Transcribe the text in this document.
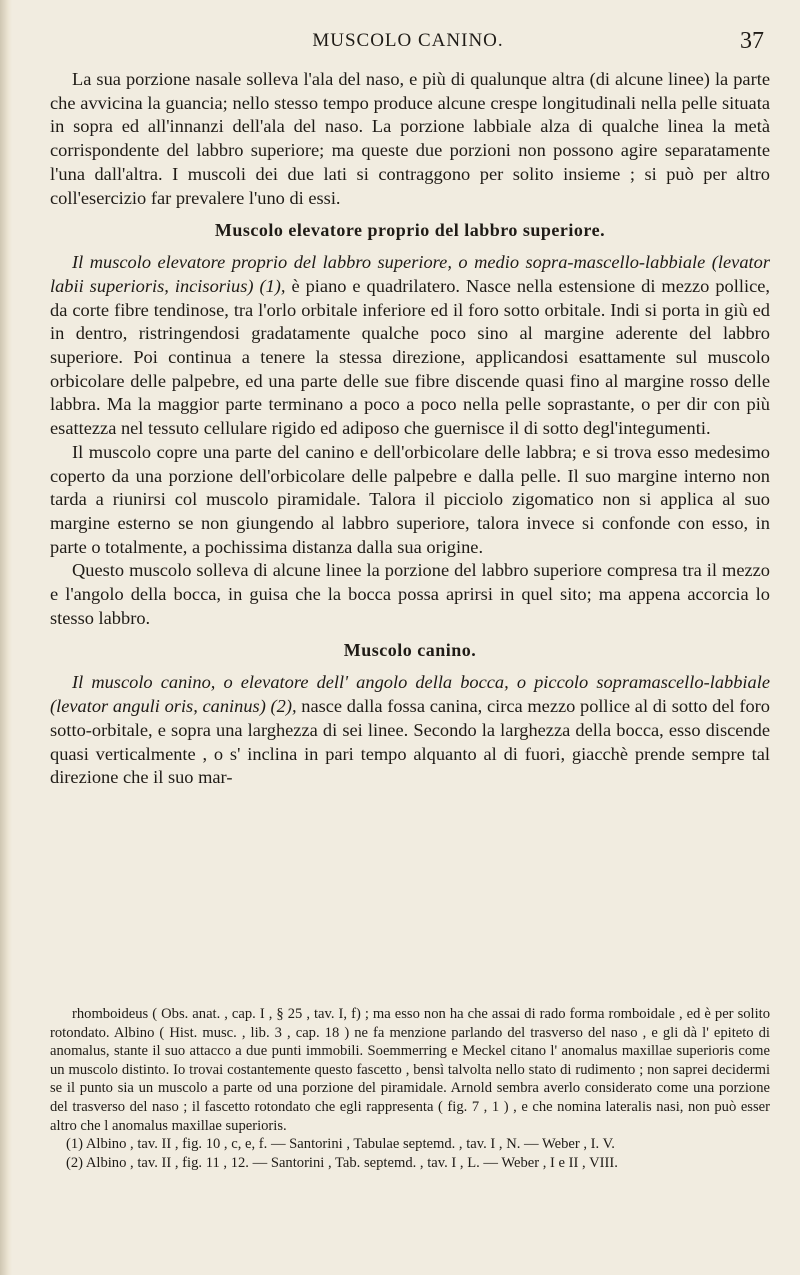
MUSCOLO CANINO.	37

La sua porzione nasale solleva l'ala del naso, e più di qualunque altra (di alcune linee) la parte che avvicina la guancia; nello stesso tempo produce alcune crespe longitudinali nella pelle situata in sopra ed all'innanzi dell'ala del naso. La porzione labbiale alza di qualche linea la metà corrispondente del labbro superiore; ma queste due porzioni non possono agire separatamente l'una dall'altra. I muscoli dei due lati si contraggono per solito insieme ; si può per altro coll'esercizio far prevalere l'uno di essi.

Muscolo elevatore proprio del labbro superiore.

Il muscolo elevatore proprio del labbro superiore, o medio sopra-mascello-labbiale (levator labii superioris, incisorius) (1), è piano e quadrilatero. Nasce nella estensione di mezzo pollice, da corte fibre tendinose, tra l'orlo orbitale inferiore ed il foro sotto orbitale. Indi si porta in giù ed in dentro, ristringendosi gradatamente qualche poco sino al margine aderente del labbro superiore. Poi continua a tenere la stessa direzione, applicandosi esattamente sul muscolo orbicolare delle palpebre, ed una parte delle sue fibre discende quasi fino al margine rosso delle labbra. Ma la maggior parte terminano a poco a poco nella pelle soprastante, o per dir con più esattezza nel tessuto cellulare rigido ed adiposo che guernisce il di sotto degl'integumenti.

Il muscolo copre una parte del canino e dell'orbicolare delle labbra; e si trova esso medesimo coperto da una porzione dell'orbicolare delle palpebre e dalla pelle. Il suo margine interno non tarda a riunirsi col muscolo piramidale. Talora il picciolo zigomatico non si applica al suo margine esterno se non giungendo al labbro superiore, talora invece si confonde con esso, in parte o totalmente, a pochissima distanza dalla sua origine.

Questo muscolo solleva di alcune linee la porzione del labbro superiore compresa tra il mezzo e l'angolo della bocca, in guisa che la bocca possa aprirsi in quel sito; ma appena accorcia lo stesso labbro.

Muscolo canino.

Il muscolo canino, o elevatore dell' angolo della bocca, o piccolo sopramascello-labbiale (levator anguli oris, caninus) (2), nasce dalla fossa canina, circa mezzo pollice al di sotto del foro sotto-orbitale, e sopra una larghezza di sei linee. Secondo la larghezza della bocca, esso discende quasi verticalmente , o s' inclina in pari tempo alquanto al di fuori, giacchè prende sempre tal direzione che il suo mar-

rhomboideus ( Obs. anat. , cap. I , § 25 , tav. I, f) ; ma esso non ha che assai di rado forma romboidale , ed è per solito rotondato. Albino ( Hist. musc. , lib. 3 , cap. 18 ) ne fa menzione parlando del trasverso del naso , e gli dà l' epiteto di anomalus, stante il suo attacco a due punti immobili. Soemmerring e Meckel citano l' anomalus maxillae superioris come un muscolo distinto. Io trovai costantemente questo fascetto , bensì talvolta nello stato di rudimento ; non saprei decidermi se il punto sia un muscolo a parte od una porzione del piramidale. Arnold sembra averlo considerato come una porzione del trasverso del naso ; il fascetto rotondato che egli rappresenta ( fig. 7 , 1 ) , e che nomina lateralis nasi, non può esser altro che l anomalus maxillae superioris.

(1) Albino , tav. II , fig. 10 , c, e, f. — Santorini , Tabulae septemd. , tav. I , N. — Weber , I. V.

(2) Albino , tav. II , fig. 11 , 12. — Santorini , Tab. septemd. , tav. I , L. — Weber , I e II , VIII.
